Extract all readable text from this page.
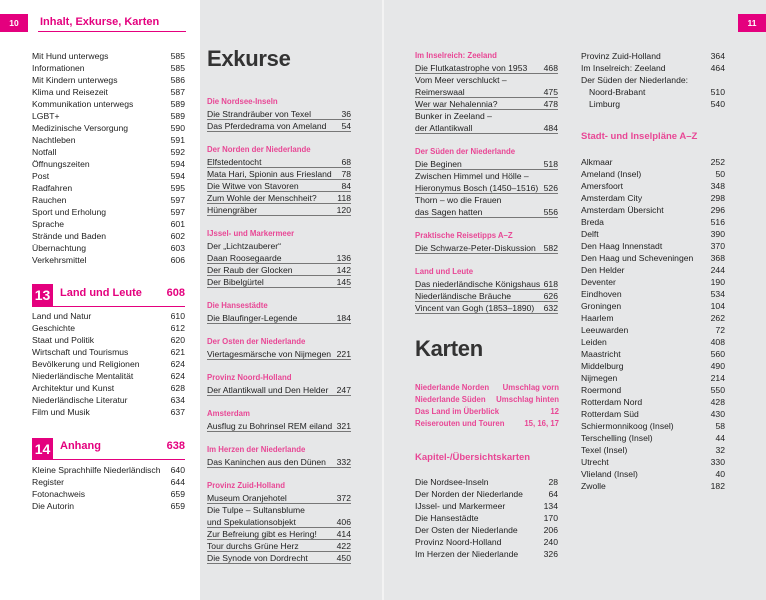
10	Inhalt, Exkurse, Karten	11
Mit Hund unterwegs	585
Informationen	585
Mit Kindern unterwegs	586
Klima und Reisezeit	587
Kommunikation unterwegs	589
LGBT+	589
Medizinische Versorgung	590
Nachtleben	591
Notfall	592
Öffnungszeiten	594
Post	594
Radfahren	595
Rauchen	597
Sport und Erholung	597
Sprache	601
Strände und Baden	602
Übernachtung	603
Verkehrsmittel	606
13 Land und Leute	608
Land und Natur	610
Geschichte	612
Staat und Politik	620
Wirtschaft und Tourismus	621
Bevölkerung und Religionen	624
Niederländische Mentalität	624
Architektur und Kunst	628
Niederländische Literatur	634
Film und Musik	637
14 Anhang	638
Kleine Sprachhilfe Niederländisch 640
Register	644
Fotonachweis	659
Die Autorin	659
Exkurse
Die Nordsee-Inseln
Die Strandräuber von Texel	36
Das Pferdedrama von Ameland 54
Der Norden der Niederlande
Elfstedentocht	68
Mata Hari, Spionin aus Friesland 78
Die Witwe von Stavoren	84
Zum Wohle der Menschheit? 118
Hünengräber	120
IJssel- und Markermeer
Der „Lichtzauberer“
Daan Roosegaarde	136
Der Raub der Glocken	142
Der Bibelgürtel	145
Die Hansestädte
Die Blaufinger-Legende	184
Der Osten der Niederlande
Viertagesmärsche von Nijmegen 221
Provinz Noord-Holland
Der Atlantikwall und Den Helder 247
Amsterdam
Ausflug zu Bohrinsel REM eiland 321
Im Herzen der Niederlande
Das Kaninchen aus den Dünen 332
Provinz Zuid-Holland
Museum Oranjehotel	372
Die Tulpe – Sultansblume
und Spekulationsobjekt	406
Zur Befreiung gibt es Hering! 414
Tour durchs Grüne Herz	422
Die Synode von Dordrecht	450
Im Inselreich: Zeeland
Die Flutkatastrophe von 1953 468
Vom Meer verschluckt –
Reimerswaal	475
Wer war Nehalennia?	478
Bunker in Zeeland –
der Atlantikwall	484
Der Süden der Niederlande
Die Beginen	518
Zwischen Himmel und Hölle –
Hieronymus Bosch (1450–1516) 526
Thorn – wo die Frauen
das Sagen hatten	556
Praktische Reisetipps A–Z
Die Schwarze-Peter-Diskussion 582
Land und Leute
Das niederländische Königshaus 618
Niederländische Bräuche	626
Vincent van Gogh (1853–1890) 632
Karten
Niederlande Norden Umschlag vorn
Niederlande Süden Umschlag hinten
Das Land im Überblick	12
Reiserouten und Touren	15, 16, 17
Kapitel-/Übersichtskarten
Die Nordsee-Inseln	28
Der Norden der Niederlande	64
IJssel- und Markermeer	134
Die Hansestädte	170
Der Osten der Niederlande	206
Provinz Noord-Holland	240
Im Herzen der Niederlande	326
Provinz Zuid-Holland	364
Im Inselreich: Zeeland	464
Der Süden der Niederlande:
Noord-Brabant	510
Limburg	540
Stadt- und Inselpläne A–Z
Alkmaar	252
Ameland (Insel)	50
Amersfoort	348
Amsterdam City	298
Amsterdam Übersicht	296
Breda	516
Delft	390
Den Haag Innenstadt	370
Den Haag und Scheveningen 368
Den Helder	244
Deventer	190
Eindhoven	534
Groningen	104
Haarlem	262
Leeuwarden	72
Leiden	408
Maastricht	560
Middelburg	490
Nijmegen	214
Roermond	550
Rotterdam Nord	428
Rotterdam Süd	430
Schiermonnikoog (Insel)	58
Terschelling (Insel)	44
Texel (Insel)	32
Utrecht	330
Vlieland (Insel)	40
Zwolle	182
